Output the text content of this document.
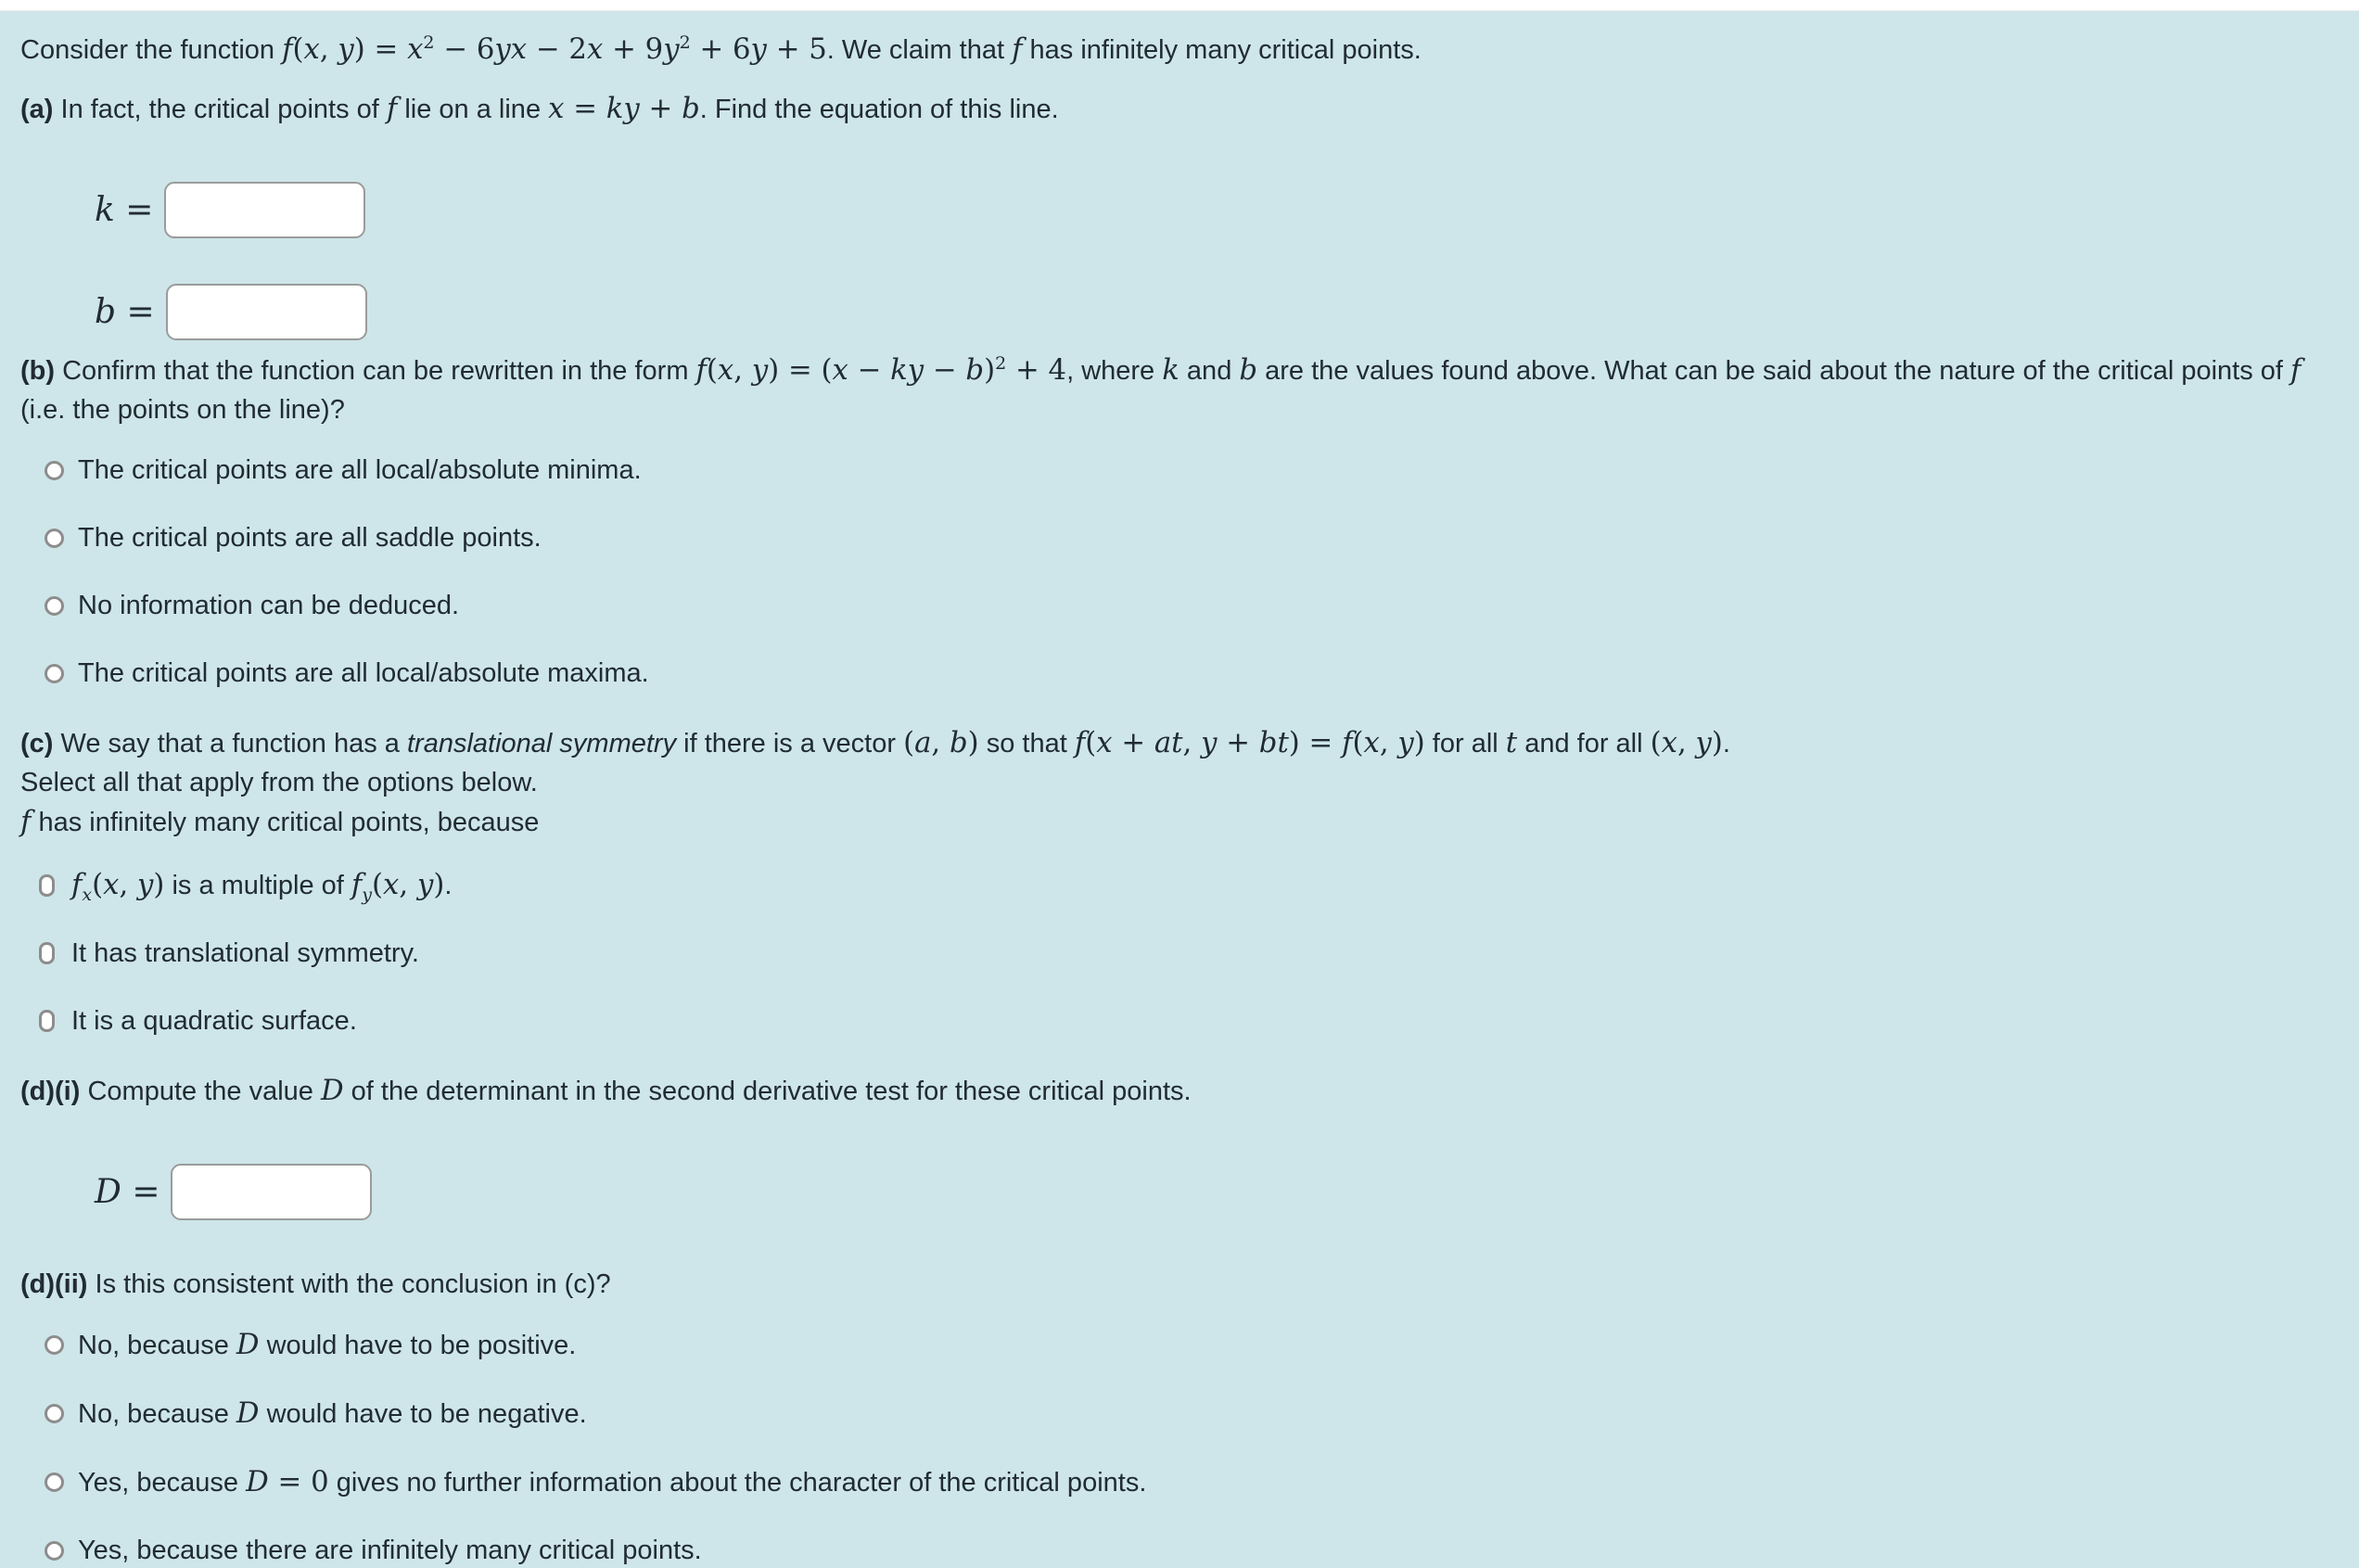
Consider the function f(x, $y) = x^2 - 6yx - 2x + 9y^2 + 6y + 5$. We claim that f has infinitely many critical points.

(a) In fact, the critical points of f lie on a line x = ky + b. Find the equation of this line.

k =
b =

(b) Confirm that the function can be rewritten in the form f(x, y) = (x − ky − b)$^2$ + 4, where k and b are the values found above. What can be said about the nature of the critical points of f (i.e. the points on the line)?

The critical points are all local/absolute minima.
The critical points are all saddle points.
No information can be deduced.
The critical points are all local/absolute maxima.

(c) We say that a function has a translational symmetry if there is a vector (a, b) so that f(x + at, y + bt) = f(x, y) for all t and for all (x, y).

Select all that apply from the options below.

f has infinitely many critical points, because

$f_x(x$, y) is a multiple of $f_y(x$, y).
It has translational symmetry.
It is a quadratic surface.

(d)(i) Compute the value D of the determinant in the second derivative test for these critical points.

D =

(d)(ii) Is this consistent with the conclusion in (c)?

No, because D would have to be positive.
No, because D would have to be negative.
Yes, because D = 0 gives no further information about the character of the critical points.
Yes, because there are infinitely many critical points.
